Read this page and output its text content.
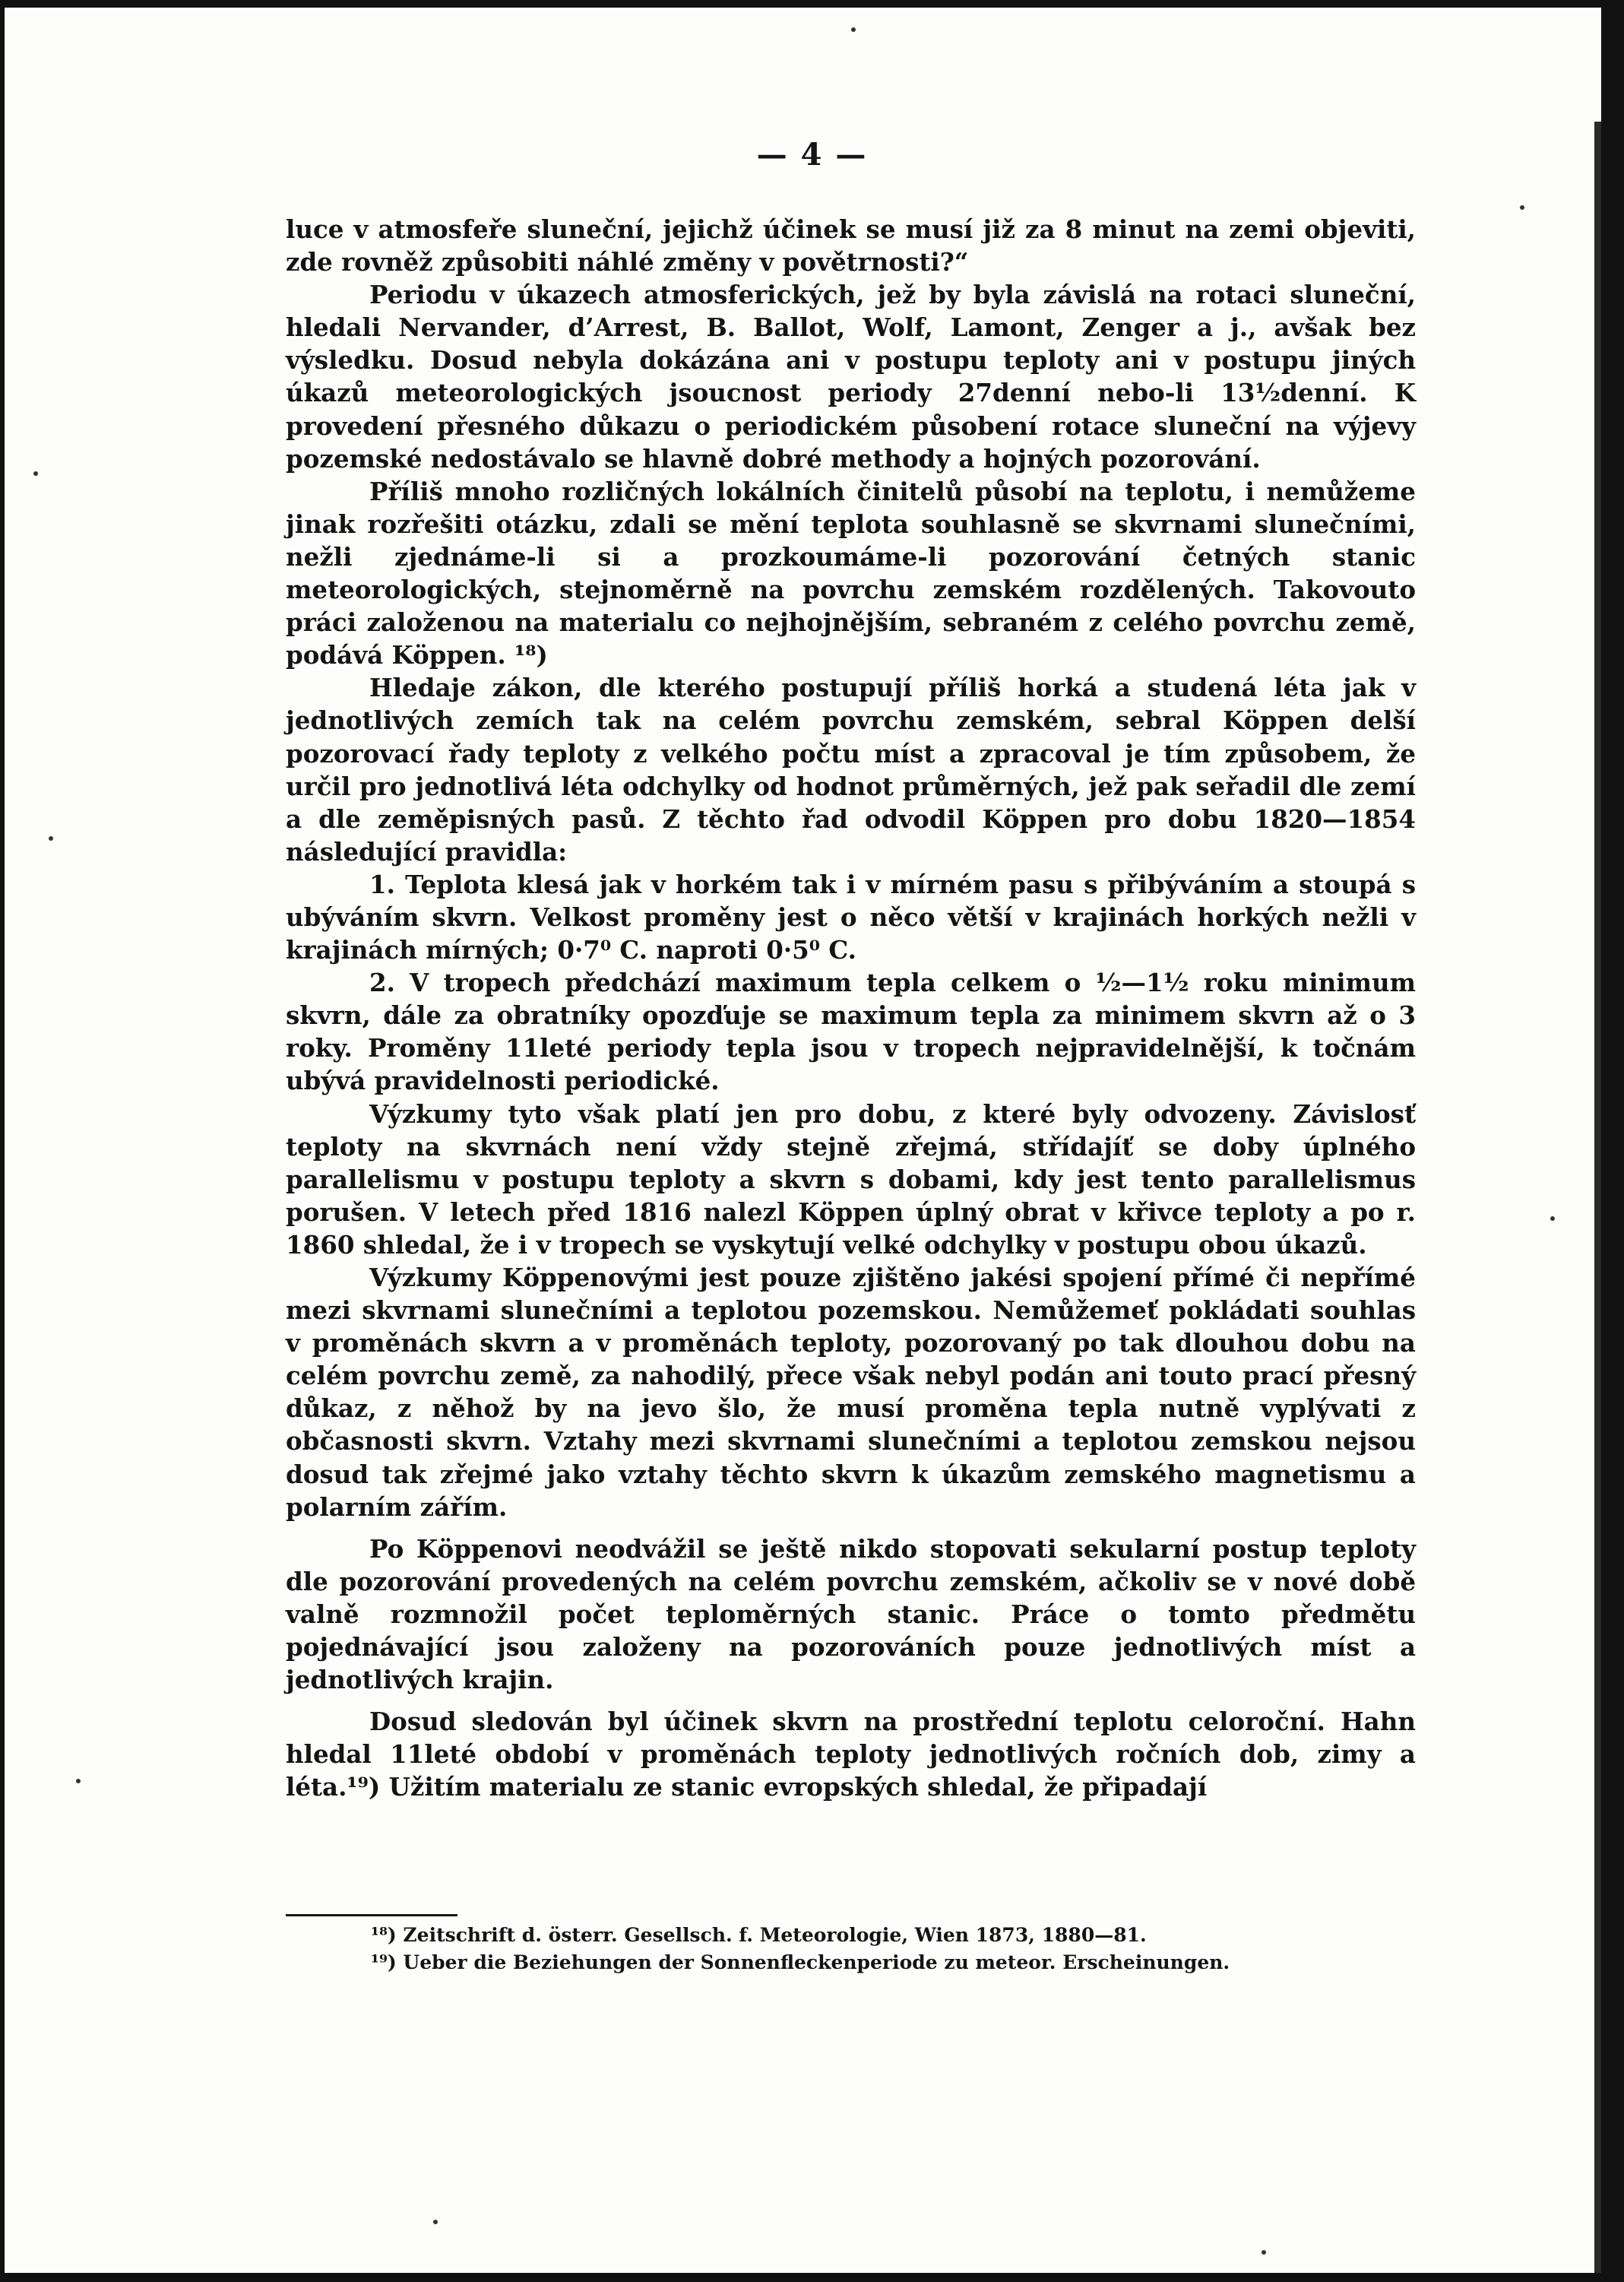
— 4 —

luce v atmosfeře sluneční, jejichž účinek se musí již za 8 minut na zemi objeviti, zde rovněž způsobiti náhlé změny v povětrnosti?“

Periodu v úkazech atmosferických, jež by byla závislá na rotaci sluneční, hledali Nervander, d’Arrest, B. Ballot, Wolf, Lamont, Zenger a j., avšak bez výsledku. Dosud nebyla dokázána ani v postupu teploty ani v postupu jiných úkazů meteorologických jsoucnost periody 27denní nebo-li 13½denní. K provedení přesného důkazu o periodickém působení rotace sluneční na výjevy pozemské nedostávalo se hlavně dobré methody a hojných pozorování.

Příliš mnoho rozličných lokálních činitelů působí na teplotu, i nemůžeme jinak rozřešiti otázku, zdali se mění teplota souhlasně se skvrnami slunečními, nežli zjednáme-li si a prozkoumáme-li pozorování četných stanic meteorologických, stejnoměrně na povrchu zemském rozdělených. Takovouto práci založenou na materialu co nejhojnějším, sebraném z celého povrchu země, podává Köppen. ¹⁸)

Hledaje zákon, dle kterého postupují příliš horká a studená léta jak v jednotlivých zemích tak na celém povrchu zemském, sebral Köppen delší pozorovací řady teploty z velkého počtu míst a zpracoval je tím způsobem, že určil pro jednotlivá léta odchylky od hodnot průměrných, jež pak seřadil dle zemí a dle zeměpisných pasů. Z těchto řad odvodil Köppen pro dobu 1820—1854 následující pravidla:

1. Teplota klesá jak v horkém tak i v mírném pasu s přibýváním a stoupá s ubýváním skvrn. Velkost proměny jest o něco větší v krajinách horkých nežli v krajinách mírných; 0·7⁰ C. naproti 0·5⁰ C.

2. V tropech předchází maximum tepla celkem o ½—1½ roku minimum skvrn, dále za obratníky opozďuje se maximum tepla za minimem skvrn až o 3 roky. Proměny 11leté periody tepla jsou v tropech nejpravidelnější, k točnám ubývá pravidelnosti periodické.

Výzkumy tyto však platí jen pro dobu, z které byly odvozeny. Závislosť teploty na skvrnách není vždy stejně zřejmá, střídajíť se doby úplného parallelismu v postupu teploty a skvrn s dobami, kdy jest tento parallelismus porušen. V letech před 1816 nalezl Köppen úplný obrat v křivce teploty a po r. 1860 shledal, že i v tropech se vyskytují velké odchylky v postupu obou úkazů.

Výzkumy Köppenovými jest pouze zjištěno jakési spojení přímé či nepřímé mezi skvrnami slunečními a teplotou pozemskou. Nemůžemeť pokládati souhlas v proměnách skvrn a v proměnách teploty, pozorovaný po tak dlouhou dobu na celém povrchu země, za nahodilý, přece však nebyl podán ani touto prací přesný důkaz, z něhož by na jevo šlo, že musí proměna tepla nutně vyplývati z občasnosti skvrn. Vztahy mezi skvrnami slunečními a teplotou zemskou nejsou dosud tak zřejmé jako vztahy těchto skvrn k úkazům zemského magnetismu a polarním zářím.

Po Köppenovi neodvážil se ještě nikdo stopovati sekularní postup teploty dle pozorování provedených na celém povrchu zemském, ačkoliv se v nové době valně rozmnožil počet teploměrných stanic. Práce o tomto předmětu pojednávající jsou založeny na pozorováních pouze jednotlivých míst a jednotlivých krajin.

Dosud sledován byl účinek skvrn na prostřední teplotu celoroční. Hahn hledal 11leté období v proměnách teploty jednotlivých ročních dob, zimy a léta.¹⁹) Užitím materialu ze stanic evropských shledal, že připadají

¹⁸) Zeitschrift d. österr. Gesellsch. f. Meteorologie, Wien 1873, 1880—81.

¹⁹) Ueber die Beziehungen der Sonnenfleckenperiode zu meteor. Erscheinungen.
